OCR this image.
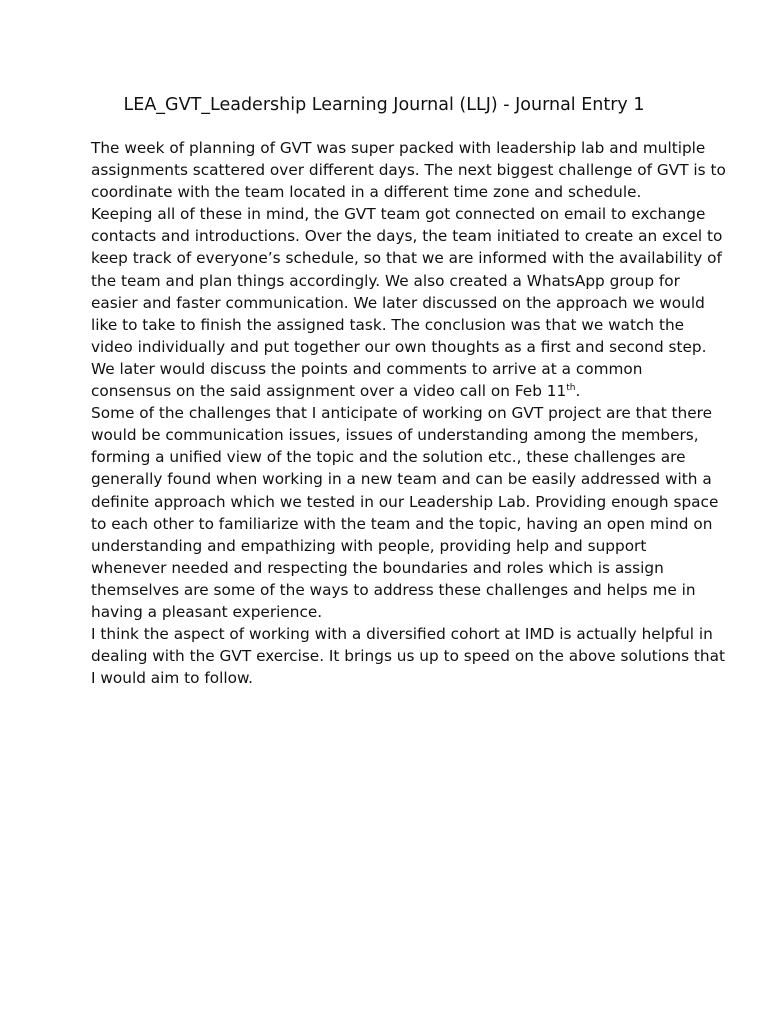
LEA_GVT_Leadership Learning Journal (LLJ) - Journal Entry 1
The week of planning of GVT was super packed with leadership lab and multiple
assignments scattered over different days. The next biggest challenge of GVT is to
coordinate with the team located in a different time zone and schedule.
Keeping all of these in mind, the GVT team got connected on email to exchange
contacts and introductions. Over the days, the team initiated to create an excel to
keep track of everyone’s schedule, so that we are informed with the availability of
the team and plan things accordingly. We also created a WhatsApp group for
easier and faster communication. We later discussed on the approach we would
like to take to finish the assigned task. The conclusion was that we watch the
video individually and put together our own thoughts as a first and second step.
We later would discuss the points and comments to arrive at a common
consensus on the said assignment over a video call on Feb 11th.
Some of the challenges that I anticipate of working on GVT project are that there
would be communication issues, issues of understanding among the members,
forming a unified view of the topic and the solution etc., these challenges are
generally found when working in a new team and can be easily addressed with a
definite approach which we tested in our Leadership Lab. Providing enough space
to each other to familiarize with the team and the topic, having an open mind on
understanding and empathizing with people, providing help and support
whenever needed and respecting the boundaries and roles which is assign
themselves are some of the ways to address these challenges and helps me in
having a pleasant experience.
I think the aspect of working with a diversified cohort at IMD is actually helpful in
dealing with the GVT exercise. It brings us up to speed on the above solutions that
I would aim to follow.
